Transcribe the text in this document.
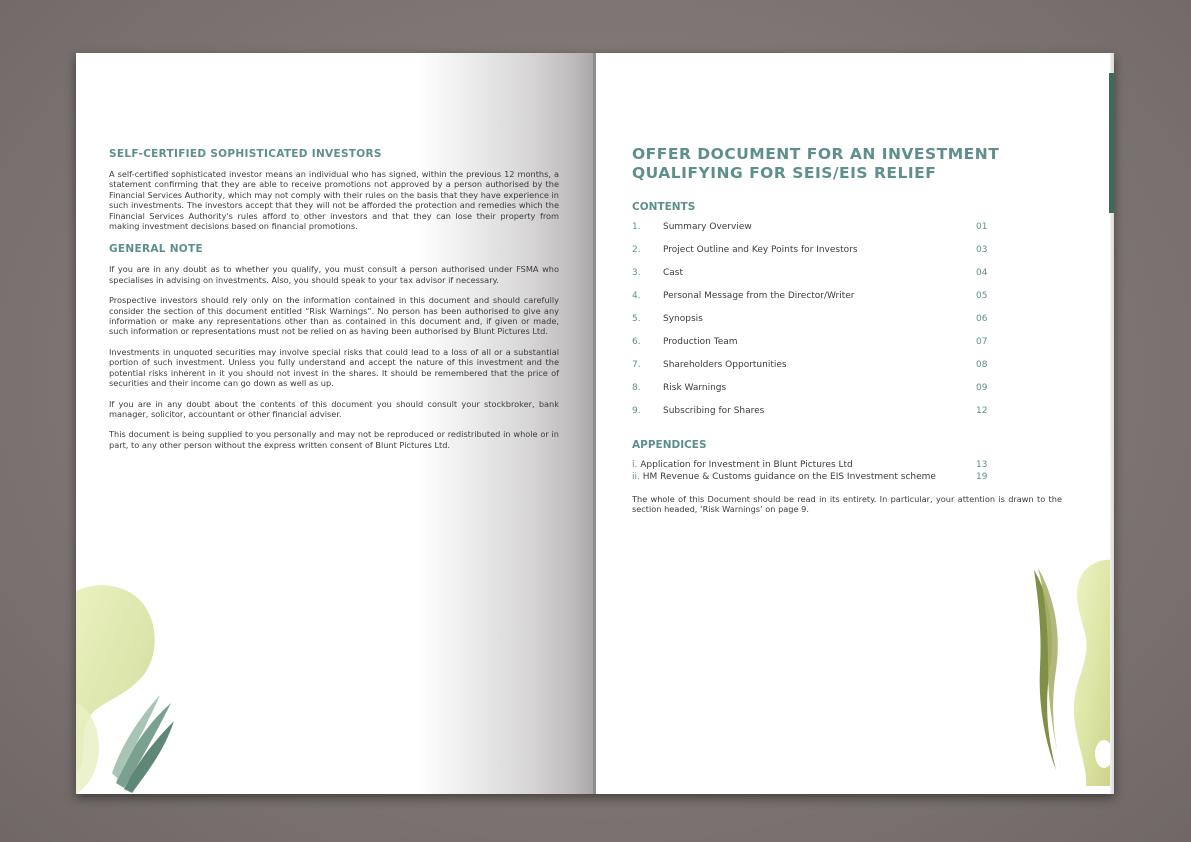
SELF-CERTIFIED SOPHISTICATED INVESTORS

A self-certified sophisticated investor means an individual who has signed, within the previous 12 months, a statement confirming that they are able to receive promotions not approved by a person authorised by the Financial Services Authority, which may not comply with their rules on the basis that they have experience in such investments. The investors accept that they will not be afforded the protection and remedies which the Financial Services Authority's rules afford to other investors and that they can lose their property from making investment decisions based on financial promotions.

GENERAL NOTE

If you are in any doubt as to whether you qualify, you must consult a person authorised under FSMA who specialises in advising on investments. Also, you should speak to your tax advisor if necessary.

Prospective investors should rely only on the information contained in this document and should carefully consider the section of this document entitled “Risk Warnings”. No person has been authorised to give any information or make any representations other than as contained in this document and, if given or made, such information or representations must not be relied on as having been authorised by Blunt Pictures Ltd.

Investments in unquoted securities may involve special risks that could lead to a loss of all or a substantial portion of such investment. Unless you fully understand and accept the nature of this investment and the potential risks inherent in it you should not invest in the shares. It should be remembered that the price of securities and their income can go down as well as up.

If you are in any doubt about the contents of this document you should consult your stockbroker, bank manager, solicitor, accountant or other financial adviser.

This document is being supplied to you personally and may not be reproduced or redistributed in whole or in part, to any other person without the express written consent of Blunt Pictures Ltd.

OFFER DOCUMENT FOR AN INVESTMENT QUALIFYING FOR SEIS/EIS RELIEF
CONTENTS
1. Summary Overview	01
2. Project Outline and Key Points for Investors	03
3. Cast	04
4. Personal Message from the Director/Writer	05
5. Synopsis	06
6. Production Team	07
7. Shareholders Opportunities	08
8. Risk Warnings	09
9. Subscribing for Shares	12
APPENDICES
i. Application for Investment in Blunt Pictures Ltd	13
ii. HM Revenue & Customs guidance on the EIS Investment scheme	19

The whole of this Document should be read in its entirety. In particular, your attention is drawn to the section headed, ‘Risk Warnings’ on page 9.
